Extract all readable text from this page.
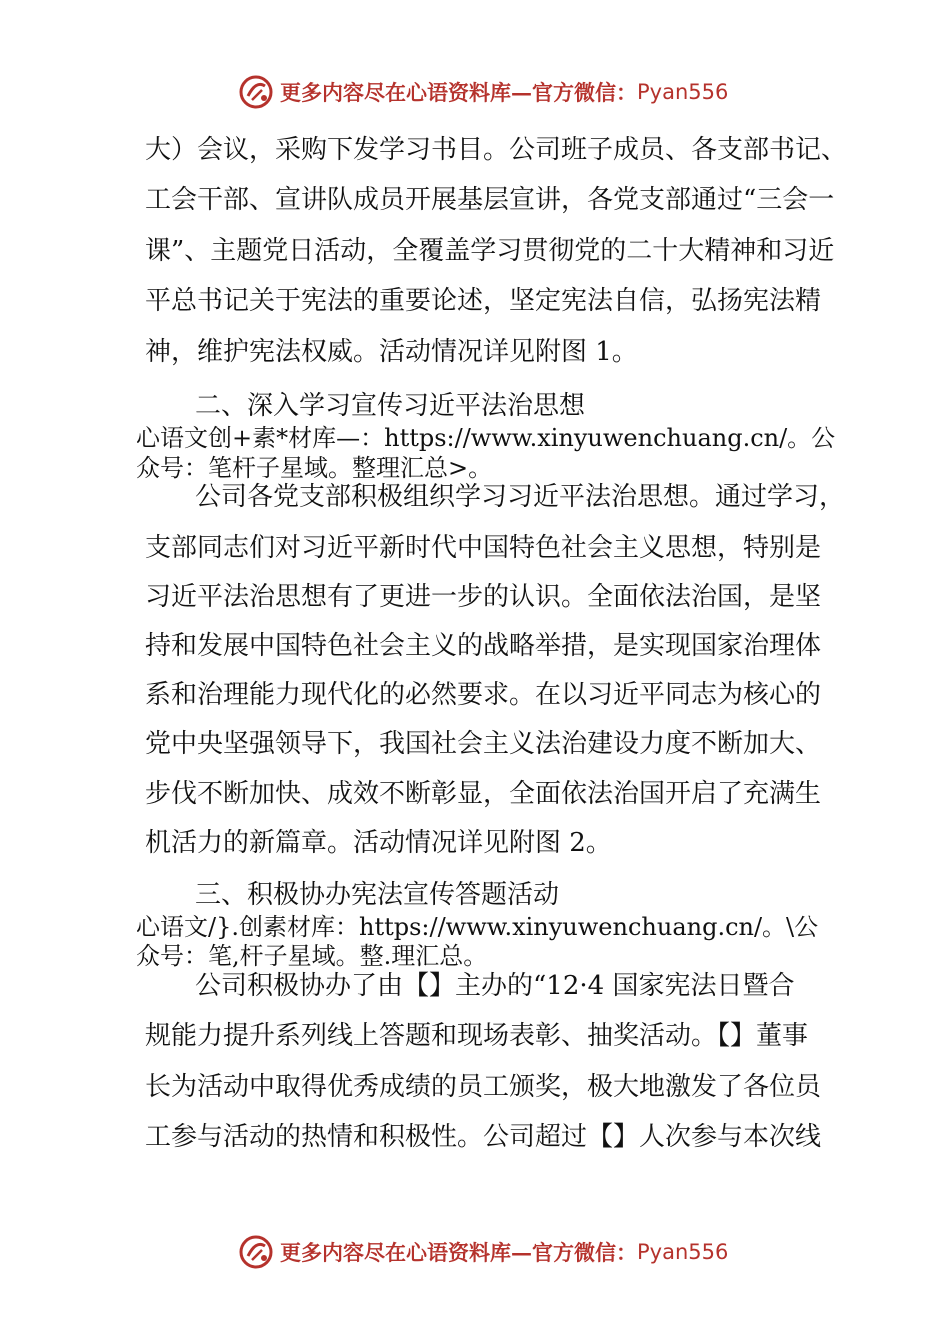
更多内容尽在心语资料库—官方微信： Pyan556
大）会议，采购下发学习书目。公司班子成员、各支部书记、
工会干部、宣讲队成员开展基层宣讲，各党支部通过“三会一
课”、主题党日活动，全覆盖学习贯彻党的二十大精神和习近
平总书记关于宪法的重要论述，坚定宪法自信，弘扬宪法精
神，维护宪法权威。活动情况详见附图 1。
二、深入学习宣传习近平法治思想
心语文创+素*材库—：https://www.xinyuwenchuang.cn/。公
众号：笔杆子星域。整理汇总>。
公司各党支部积极组织学习习近平法治思想。通过学习，
支部同志们对习近平新时代中国特色社会主义思想，特别是
习近平法治思想有了更进一步的认识。全面依法治国，是坚
持和发展中国特色社会主义的战略举措，是实现国家治理体
系和治理能力现代化的必然要求。在以习近平同志为核心的
党中央坚强领导下，我国社会主义法治建设力度不断加大、
步伐不断加快、成效不断彰显，全面依法治国开启了充满生
机活力的新篇章。活动情况详见附图 2。
三、积极协办宪法宣传答题活动
心语文/}.创素材库：https://www.xinyuwenchuang.cn/。\公
众号：笔,杆子星域。整.理汇总。
公司积极协办了由【】主办的“12·4 国家宪法日暨合
规能力提升系列线上答题和现场表彰、抽奖活动。【】董事
长为活动中取得优秀成绩的员工颁奖，极大地激发了各位员
工参与活动的热情和积极性。公司超过【】人次参与本次线
更多内容尽在心语资料库—官方微信： Pyan556
